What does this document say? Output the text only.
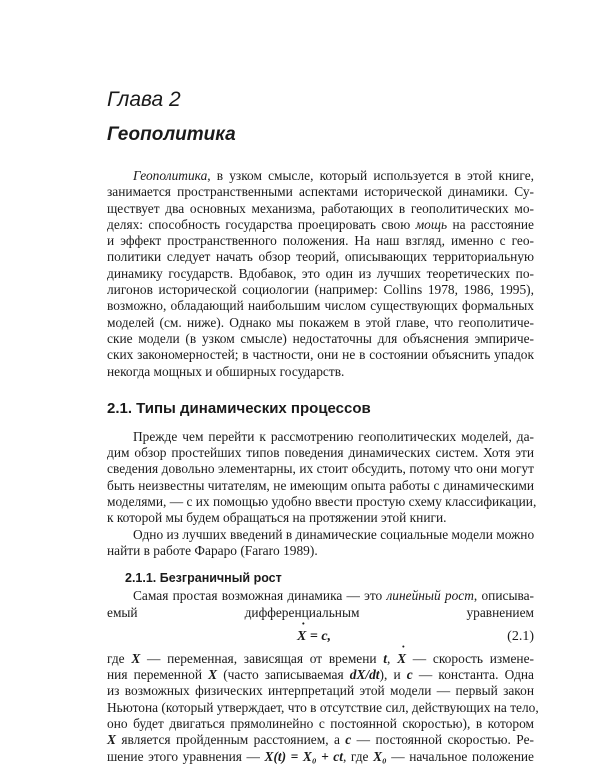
Глава 2
Геополитика
Геополитика, в узком смысле, который используется в этой книге,
занимается пространственными аспектами исторической динамики. Су-
ществует два основных механизма, работающих в геополитических мо-
делях: способность государства проецировать свою мощь на расстояние
и эффект пространственного положения. На наш взгляд, именно с гео-
политики следует начать обзор теорий, описывающих территориальную
динамику государств. Вдобавок, это один из лучших теоретических по-
лигонов исторической социологии (например: Collins 1978, 1986, 1995),
возможно, обладающий наибольшим числом существующих формальных
моделей (см. ниже). Однако мы покажем в этой главе, что геополитиче-
ские модели (в узком смысле) недостаточны для объяснения эмпириче-
ских закономерностей; в частности, они не в состоянии объяснить упадок
некогда мощных и обширных государств.
2.1. Типы динамических процессов
Прежде чем перейти к рассмотрению геополитических моделей, да-
дим обзор простейших типов поведения динамических систем. Хотя эти
сведения довольно элементарны, их стоит обсудить, потому что они могут
быть неизвестны читателям, не имеющим опыта работы с динамическими
моделями, — с их помощью удобно ввести простую схему классификации,
к которой мы будем обращаться на протяжении этой книги.
Одно из лучших введений в динамические социальные модели можно
найти в работе Фараро (Fararo 1989).
2.1.1. Безграничный рост
Самая простая возможная динамика — это линейный рост, описыва-
емый дифференциальным уравнением
˙ X = c,	(2.1)
где X — переменная, зависящая от времени t, ˙ X — скорость измене-
ния переменной X (часто записываемая dX/dt), и c — константа. Одна
из возможных физических интерпретаций этой модели — первый закон
Ньютона (который утверждает, что в отсутствие сил, действующих на тело,
оно будет двигаться прямолинейно с постоянной скоростью), в котором
X является пройденным расстоянием, а c — постоянной скоростью. Ре-
шение этого уравнения — X(t) = X₀ + ct, где X₀ — начальное положение
